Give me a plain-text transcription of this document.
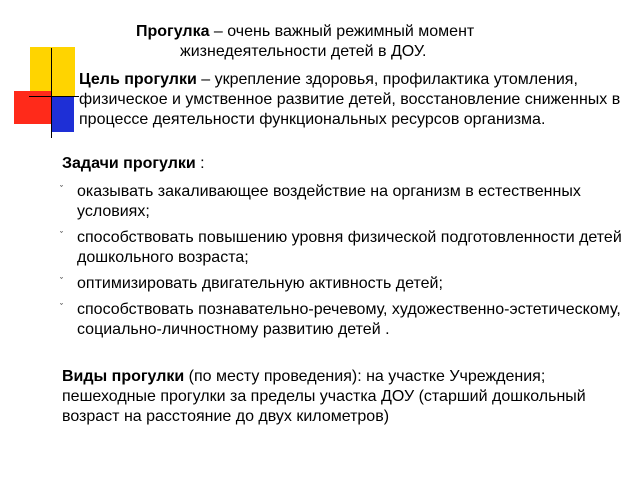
Прогулка – очень важный режимный момент
жизнедеятельности детей в ДОУ.

Цель прогулки – укрепление здоровья, профилактика утомления, физическое и умственное развитие детей, восстановление сниженных в процессе деятельности функциональных ресурсов организма.

Задачи прогулки :

ˇ оказывать закаливающее воздействие на организм в естественных условиях;
ˇ способствовать повышению уровня физической подготовленности детей дошкольного возраста;
ˇ оптимизировать двигательную активность детей;
ˇ способствовать познавательно-речевому, художественно-эстетическому, социально-личностному развитию детей .

Виды прогулки (по месту проведения): на участке Учреждения; пешеходные прогулки за пределы участка ДОУ (старший дошкольный возраст на расстояние до двух километров)
